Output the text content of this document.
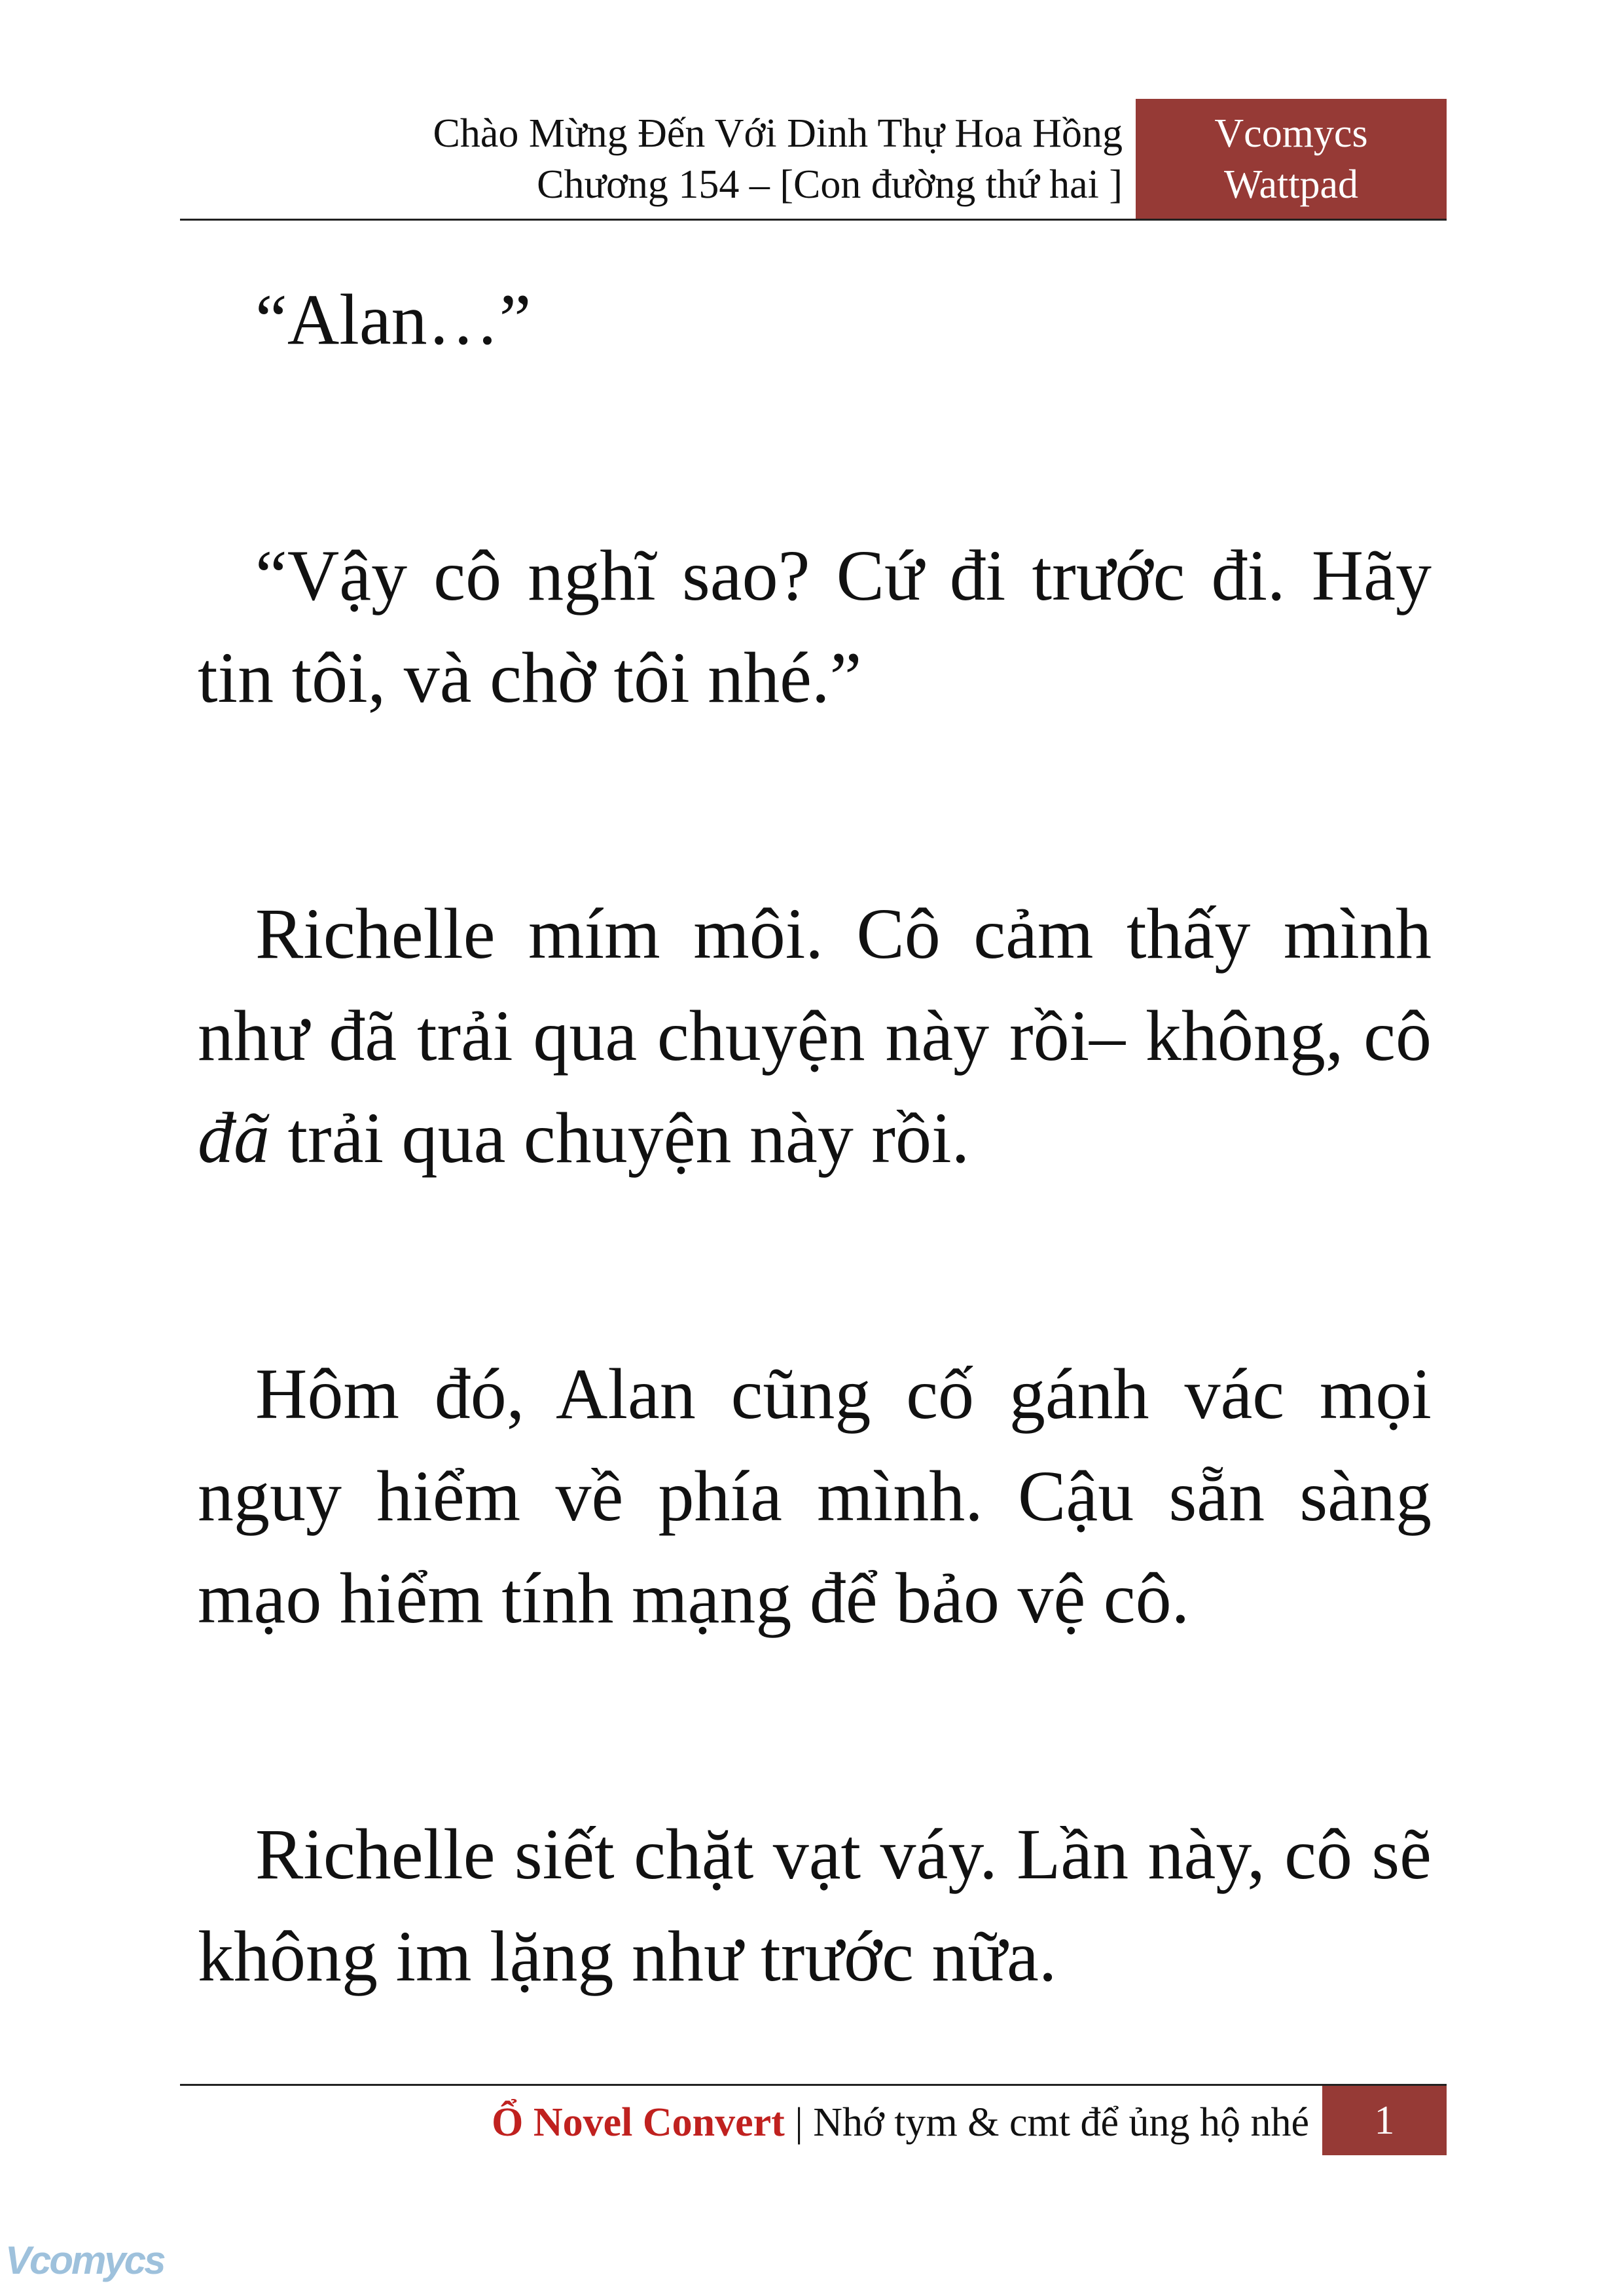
Chào Mừng Đến Với Dinh Thự Hoa Hồng
Chương 154 – [Con đường thứ hai ]
Vcomycs
Wattpad

“Alan…”

“Vậy cô nghĩ sao? Cứ đi trước đi. Hãy tin tôi, và chờ tôi nhé.”

Richelle mím môi. Cô cảm thấy mình như đã trải qua chuyện này rồi– không, cô đã trải qua chuyện này rồi.

Hôm đó, Alan cũng cố gánh vác mọi nguy hiểm về phía mình. Cậu sẵn sàng mạo hiểm tính mạng để bảo vệ cô.

Richelle siết chặt vạt váy. Lần này, cô sẽ không im lặng như trước nữa.

Ổ Novel Convert | Nhớ tym & cmt để ủng hộ nhé	1
Vcomycs
